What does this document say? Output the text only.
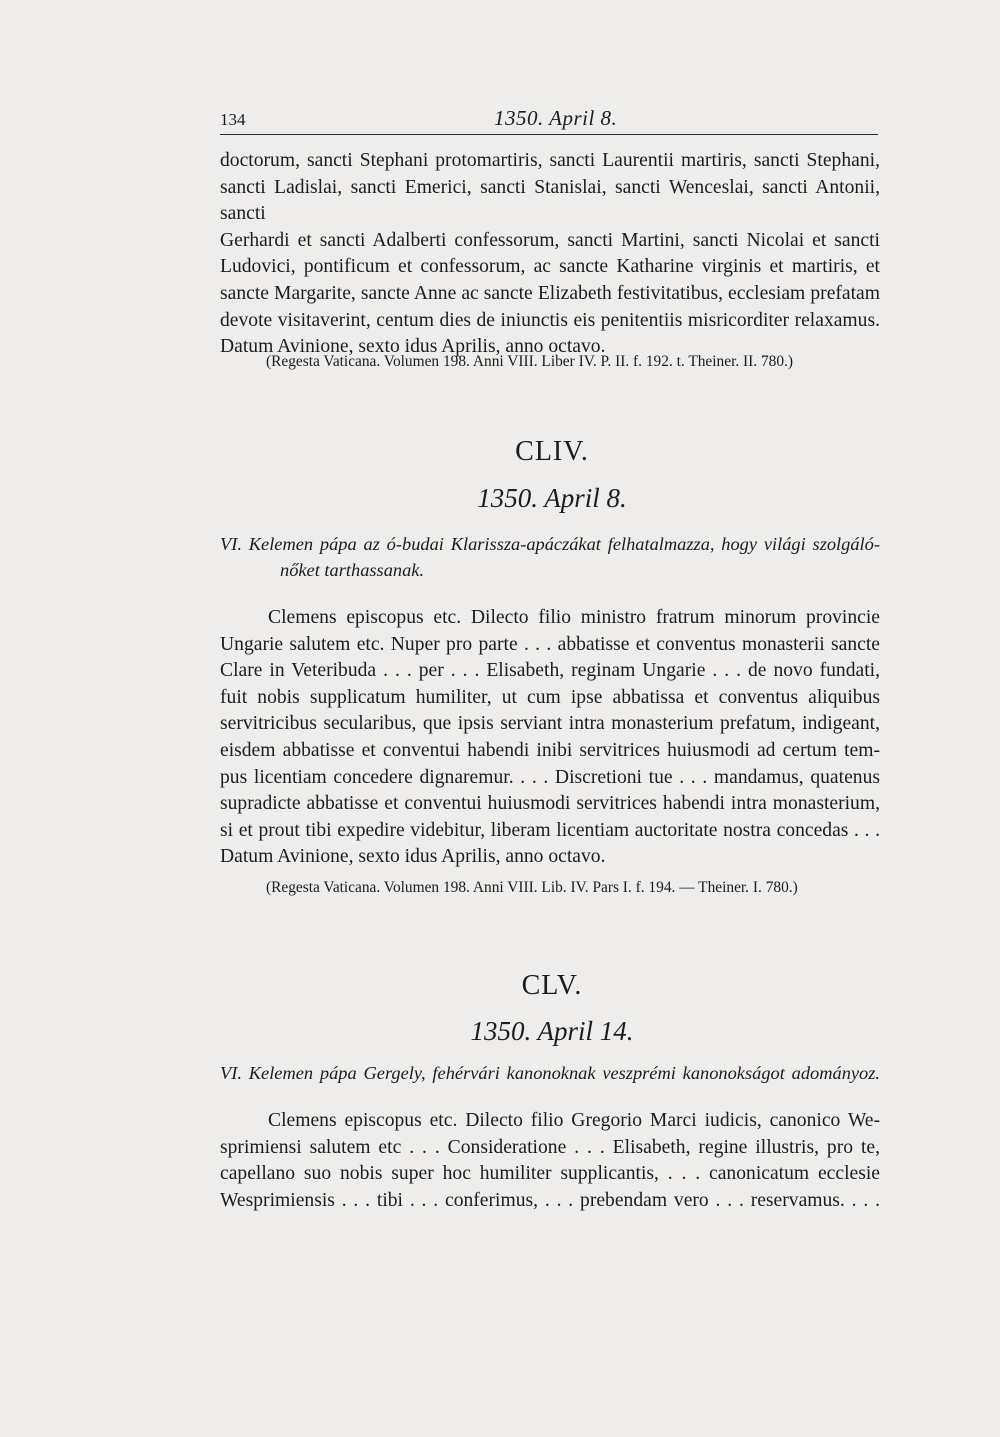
134	1350. April 8.
doctorum, sancti Stephani protomartiris, sancti Laurentii martiris, sancti Stephani,
sancti Ladislai, sancti Emerici, sancti Stanislai, sancti Wenceslai, sancti Antonii, sancti
Gerhardi et sancti Adalberti confessorum, sancti Martini, sancti Nicolai et sancti
Ludovici, pontificum et confessorum, ac sancte Katharine virginis et martiris, et
sancte Margarite, sancte Anne ac sancte Elizabeth festivitatibus, ecclesiam prefatam
devote visitaverint, centum dies de iniunctis eis penitentiis misricorditer relaxamus.
Datum Avinione, sexto idus Aprilis, anno octavo.
(Regesta Vaticana. Volumen 198. Anni VIII. Liber IV. P. II. f. 192. t. Theiner. II. 780.)
CLIV.
1350. April 8.
VI. Kelemen pápa az ó-budai Klarissza-apáczákat felhatalmazza, hogy világi szolgáló-
nőket tarthassanak.
Clemens episcopus etc. Dilecto filio ministro fratrum minorum provincie
Ungarie salutem etc. Nuper pro parte . . . abbatisse et conventus monasterii sancte
Clare in Veteribuda . . . per . . . Elisabeth, reginam Ungarie . . . de novo fundati,
fuit nobis supplicatum humiliter, ut cum ipse abbatissa et conventus aliquibus
servitricibus secularibus, que ipsis serviant intra monasterium prefatum, indigeant,
eisdem abbatisse et conventui habendi inibi servitrices huiusmodi ad certum tem-
pus licentiam concedere dignaremur. . . . Discretioni tue . . . mandamus, quatenus
supradicte abbatisse et conventui huiusmodi servitrices habendi intra monasterium,
si et prout tibi expedire videbitur, liberam licentiam auctoritate nostra concedas . . .
Datum Avinione, sexto idus Aprilis, anno octavo.
(Regesta Vaticana. Volumen 198. Anni VIII. Lib. IV. Pars I. f. 194. — Theiner. I. 780.)
CLV.
1350. April 14.
VI. Kelemen pápa Gergely, fehérvári kanonoknak veszprémi kanonokságot adományoz.
Clemens episcopus etc. Dilecto filio Gregorio Marci iudicis, canonico We-
sprimiensi salutem etc . . . Consideratione . . . Elisabeth, regine illustris, pro te,
capellano suo nobis super hoc humiliter supplicantis, . . . canonicatum ecclesie
Wesprimiensis . . . tibi . . . conferimus, . . . prebendam vero . . . reservamus. . . .
